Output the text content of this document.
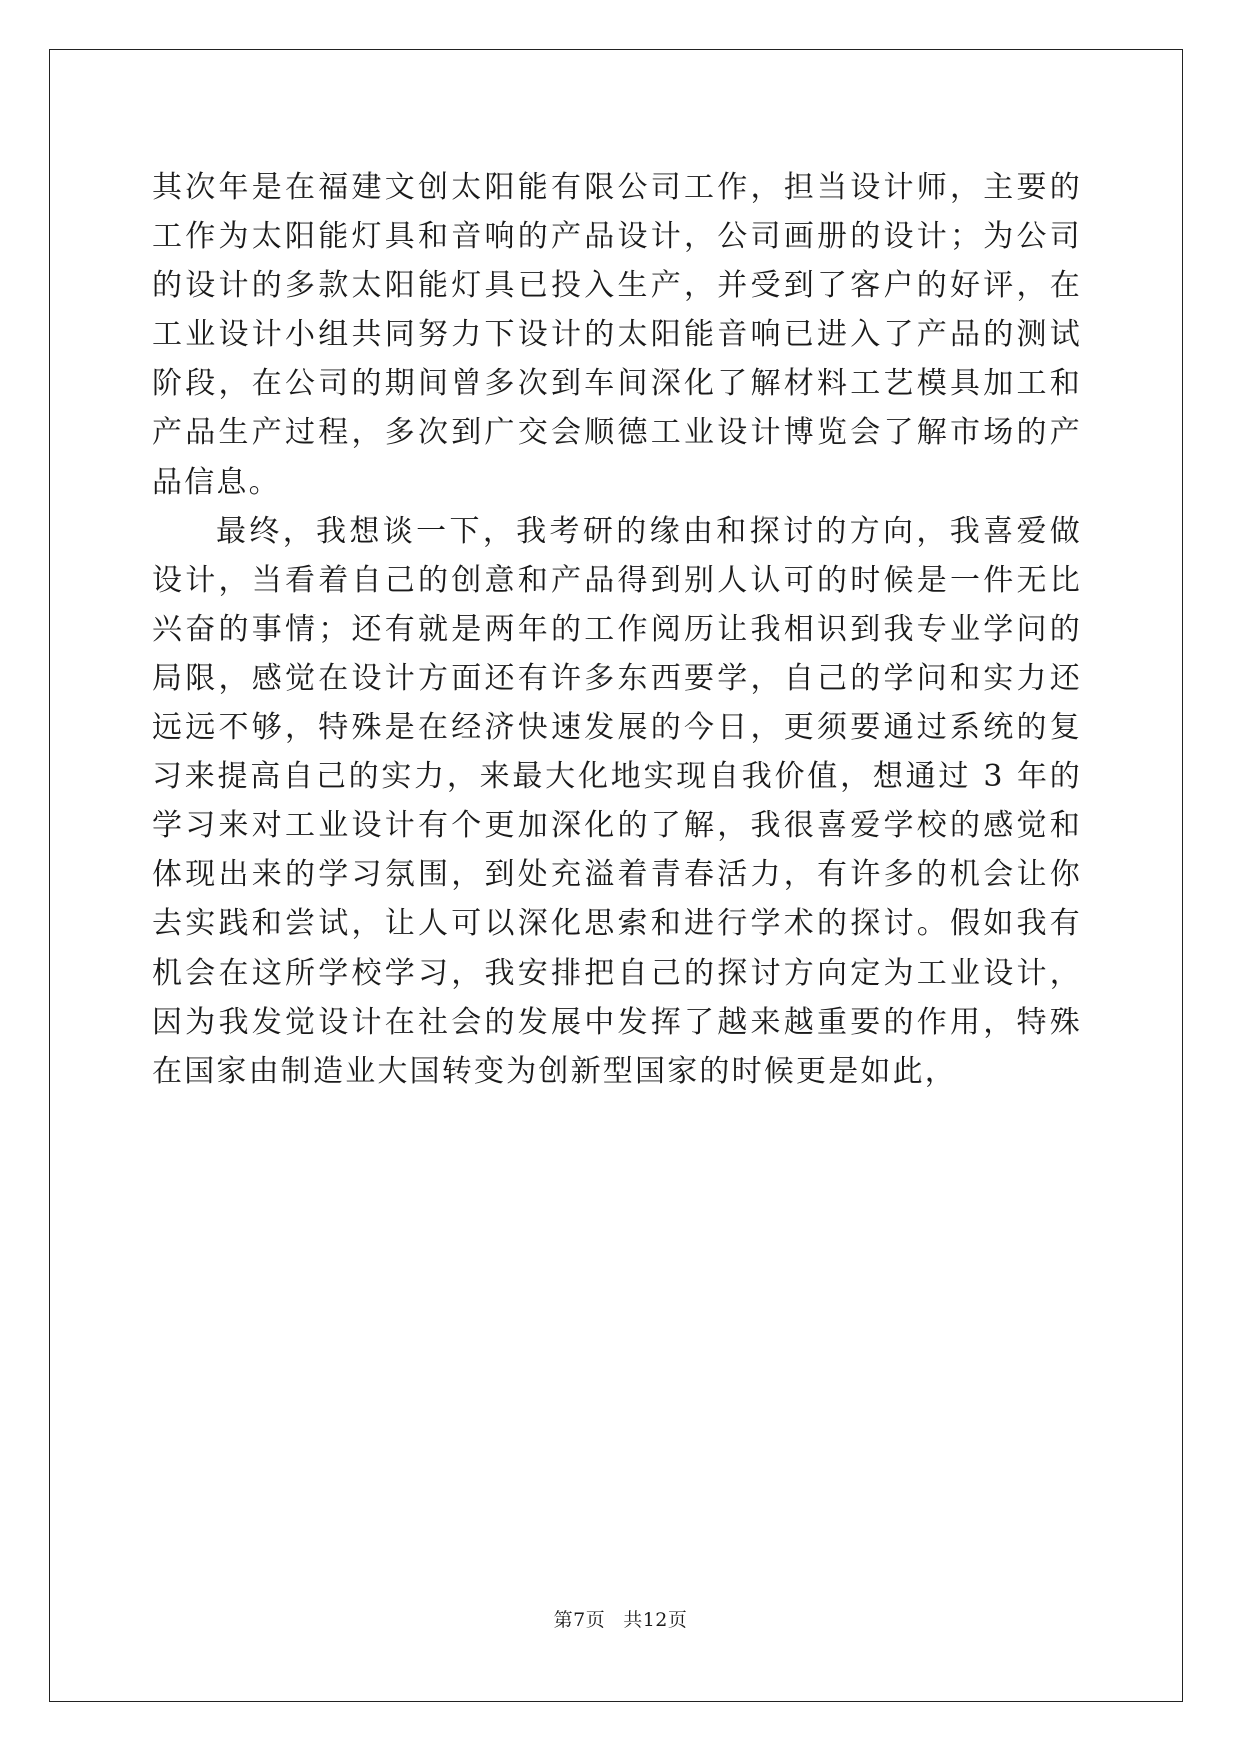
其次年是在福建文创太阳能有限公司工作，担当设计师，主要的工作为太阳能灯具和音响的产品设计，公司画册的设计；为公司的设计的多款太阳能灯具已投入生产，并受到了客户的好评，在工业设计小组共同努力下设计的太阳能音响已进入了产品的测试阶段，在公司的期间曾多次到车间深化了解材料工艺模具加工和产品生产过程，多次到广交会顺德工业设计博览会了解市场的产品信息。

最终，我想谈一下，我考研的缘由和探讨的方向，我喜爱做设计，当看着自己的创意和产品得到别人认可的时候是一件无比兴奋的事情；还有就是两年的工作阅历让我相识到我专业学问的局限，感觉在设计方面还有许多东西要学，自己的学问和实力还远远不够，特殊是在经济快速发展的今日，更须要通过系统的复习来提高自己的实力，来最大化地实现自我价值，想通过 3 年的学习来对工业设计有个更加深化的了解，我很喜爱学校的感觉和体现出来的学习氛围，到处充溢着青春活力，有许多的机会让你去实践和尝试，让人可以深化思索和进行学术的探讨。假如我有机会在这所学校学习，我安排把自己的探讨方向定为工业设计，因为我发觉设计在社会的发展中发挥了越来越重要的作用，特殊在国家由制造业大国转变为创新型国家的时候更是如此，

第7页 共12页
